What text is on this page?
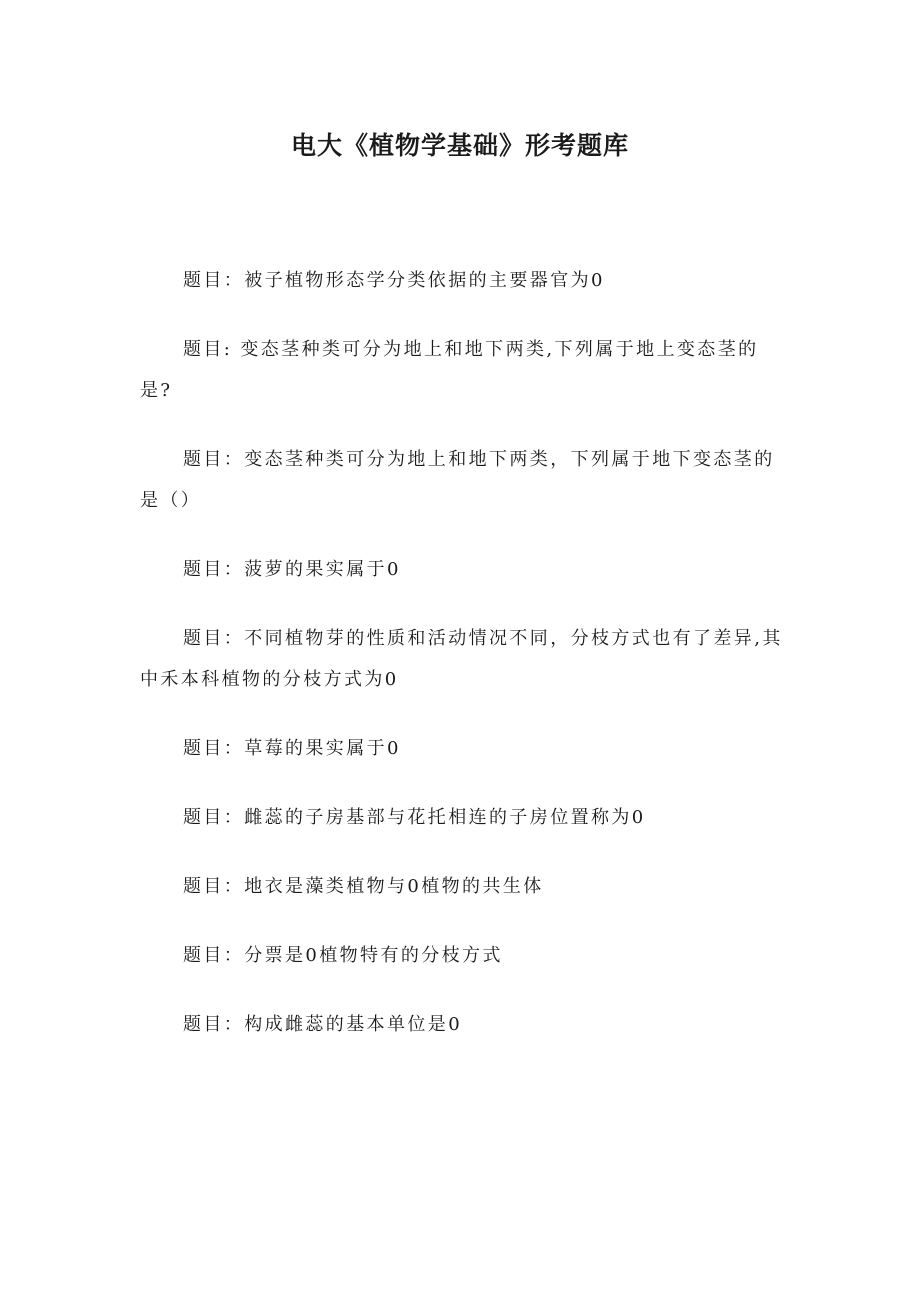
电大《植物学基础》形考题库

题目：被子植物形态学分类依据的主要器官为0

题目: 变态茎种类可分为地上和地下两类,下列属于地上变态茎的是?

题目：变态茎种类可分为地上和地下两类，下列属于地下变态茎的是（）

题目：菠萝的果实属于0

题目：不同植物芽的性质和活动情况不同，分枝方式也有了差异,其中禾本科植物的分枝方式为0

题目：草莓的果实属于0

题目：雌蕊的子房基部与花托相连的子房位置称为0

题目：地衣是藻类植物与0植物的共生体

题目：分票是0植物特有的分枝方式

题目：构成雌蕊的基本单位是0
